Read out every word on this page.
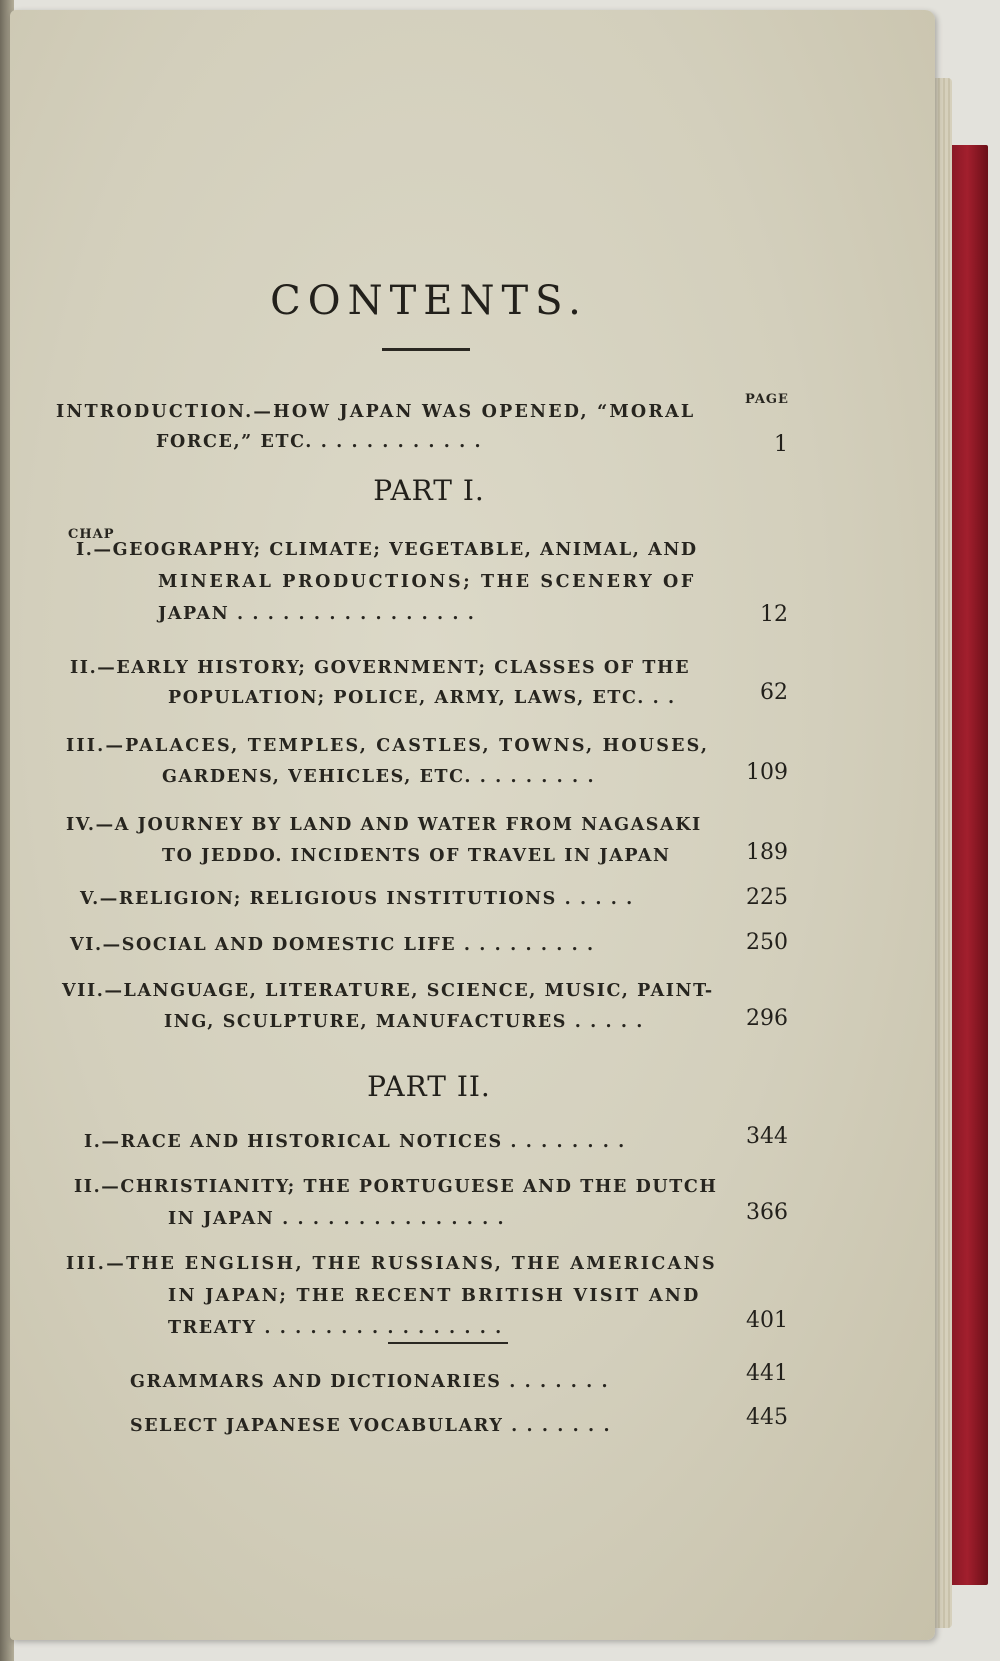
CONTENTS.
PAGE
INTRODUCTION.—HOW JAPAN WAS OPENED, “MORAL
FORCE,” ETC. . . . . . . . . . . .	1
PART I.
CHAP
I.—GEOGRAPHY; CLIMATE; VEGETABLE, ANIMAL, AND
MINERAL PRODUCTIONS; THE SCENERY OF
JAPAN . . . . . . . . . . . . . . . .	12
II.—EARLY HISTORY; GOVERNMENT; CLASSES OF THE
POPULATION; POLICE, ARMY, LAWS, ETC. . .	62
III.—PALACES, TEMPLES, CASTLES, TOWNS, HOUSES,
GARDENS, VEHICLES, ETC. . . . . . . . .	109
IV.—A JOURNEY BY LAND AND WATER FROM NAGASAKI
TO JEDDO. INCIDENTS OF TRAVEL IN JAPAN	189
V.—RELIGION; RELIGIOUS INSTITUTIONS . . . . .	225
VI.—SOCIAL AND DOMESTIC LIFE . . . . . . . . .	250
VII.—LANGUAGE, LITERATURE, SCIENCE, MUSIC, PAINT-
ING, SCULPTURE, MANUFACTURES . . . . .	296
PART II.
I.—RACE AND HISTORICAL NOTICES . . . . . . . .	344
II.—CHRISTIANITY; THE PORTUGUESE AND THE DUTCH
IN JAPAN . . . . . . . . . . . . . . .	366
III.—THE ENGLISH, THE RUSSIANS, THE AMERICANS
IN JAPAN; THE RECENT BRITISH VISIT AND
TREATY . . . . . . . . . . . . . . . .	401
GRAMMARS AND DICTIONARIES . . . . . . .	441
SELECT JAPANESE VOCABULARY . . . . . . .	445
